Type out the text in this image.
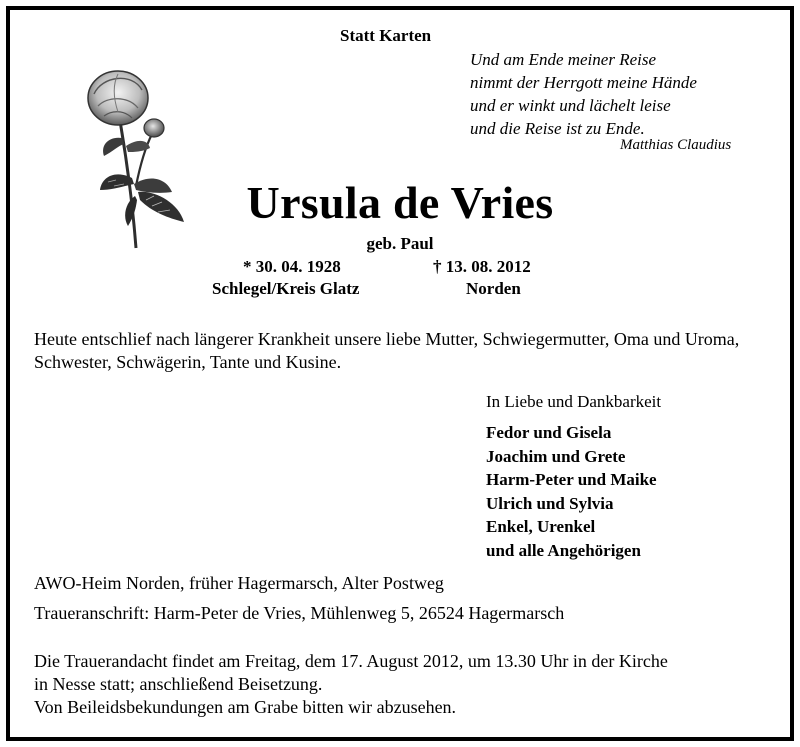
Statt Karten
Und am Ende meiner Reise
nimmt der Herrgott meine Hände
und er winkt und lächelt leise
und die Reise ist zu Ende.
Matthias Claudius
Ursula de Vries
geb. Paul
* 30. 04. 1928	† 13. 08. 2012
Schlegel/Kreis Glatz	Norden
Heute entschlief nach längerer Krankheit unsere liebe Mutter, Schwiegermutter, Oma und Uroma, Schwester, Schwägerin, Tante und Kusine.
In Liebe und Dankbarkeit
Fedor und Gisela
Joachim und Grete
Harm-Peter und Maike
Ulrich und Sylvia
Enkel, Urenkel
und alle Angehörigen
AWO-Heim Norden, früher Hagermarsch, Alter Postweg
Traueranschrift: Harm-Peter de Vries, Mühlenweg 5, 26524 Hagermarsch
Die Trauerandacht findet am Freitag, dem 17. August 2012, um 13.30 Uhr in der Kirche
in Nesse statt; anschließend Beisetzung.
Von Beileidsbekundungen am Grabe bitten wir abzusehen.
